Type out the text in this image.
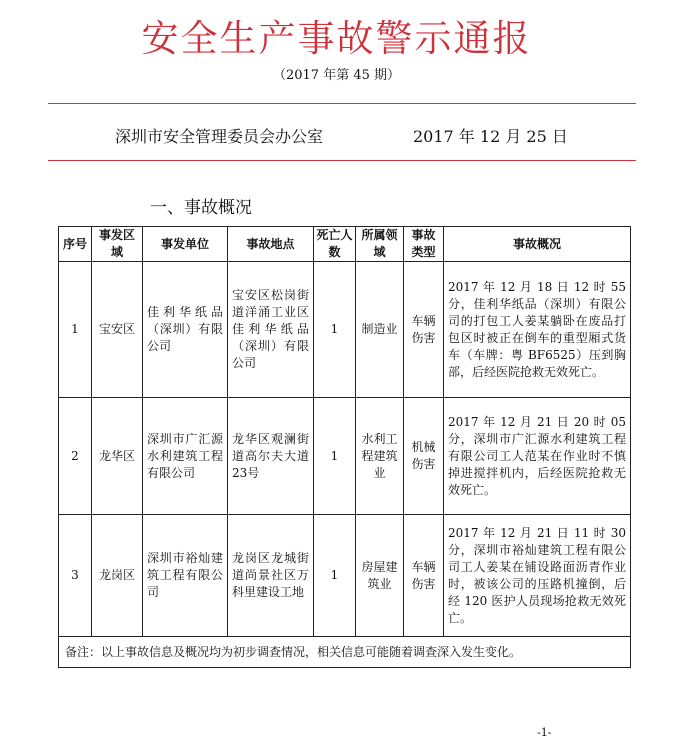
安全生产事故警示通报
（2017 年第 45 期）
深圳市安全管理委员会办公室	2017 年 12 月 25 日
一、事故概况
序号	事发区域	事发单位	事故地点	死亡人数	所属领域	事故类型	事故概况
1	宝安区	佳利华纸品（深圳）有限公司	宝安区松岗街道洋涌工业区佳利华纸品（深圳）有限公司	1	制造业	车辆伤害	2017 年 12 月 18 日 12 时 55 分，佳利华纸品（深圳）有限公司的打包工人姜某躺卧在废品打包区时被正在倒车的重型厢式货车（车牌：粤 BF6525）压到胸部，后经医院抢救无效死亡。
2	龙华区	深圳市广汇源水利建筑工程有限公司	龙华区观澜街道高尔夫大道23号	1	水利工程建筑业	机械伤害	2017 年 12 月 21 日 20 时 05 分，深圳市广汇源水利建筑工程有限公司工人范某在作业时不慎掉进搅拌机内，后经医院抢救无效死亡。
3	龙岗区	深圳市裕灿建筑工程有限公司	龙岗区龙城街道尚景社区万科里建设工地	1	房屋建筑业	车辆伤害	2017 年 12 月 21 日 11 时 30 分，深圳市裕灿建筑工程有限公司工人姜某在铺设路面沥青作业时，被该公司的压路机撞倒，后经 120 医护人员现场抢救无效死亡。
备注：以上事故信息及概况均为初步调查情况，相关信息可能随着调查深入发生变化。							
-1-
